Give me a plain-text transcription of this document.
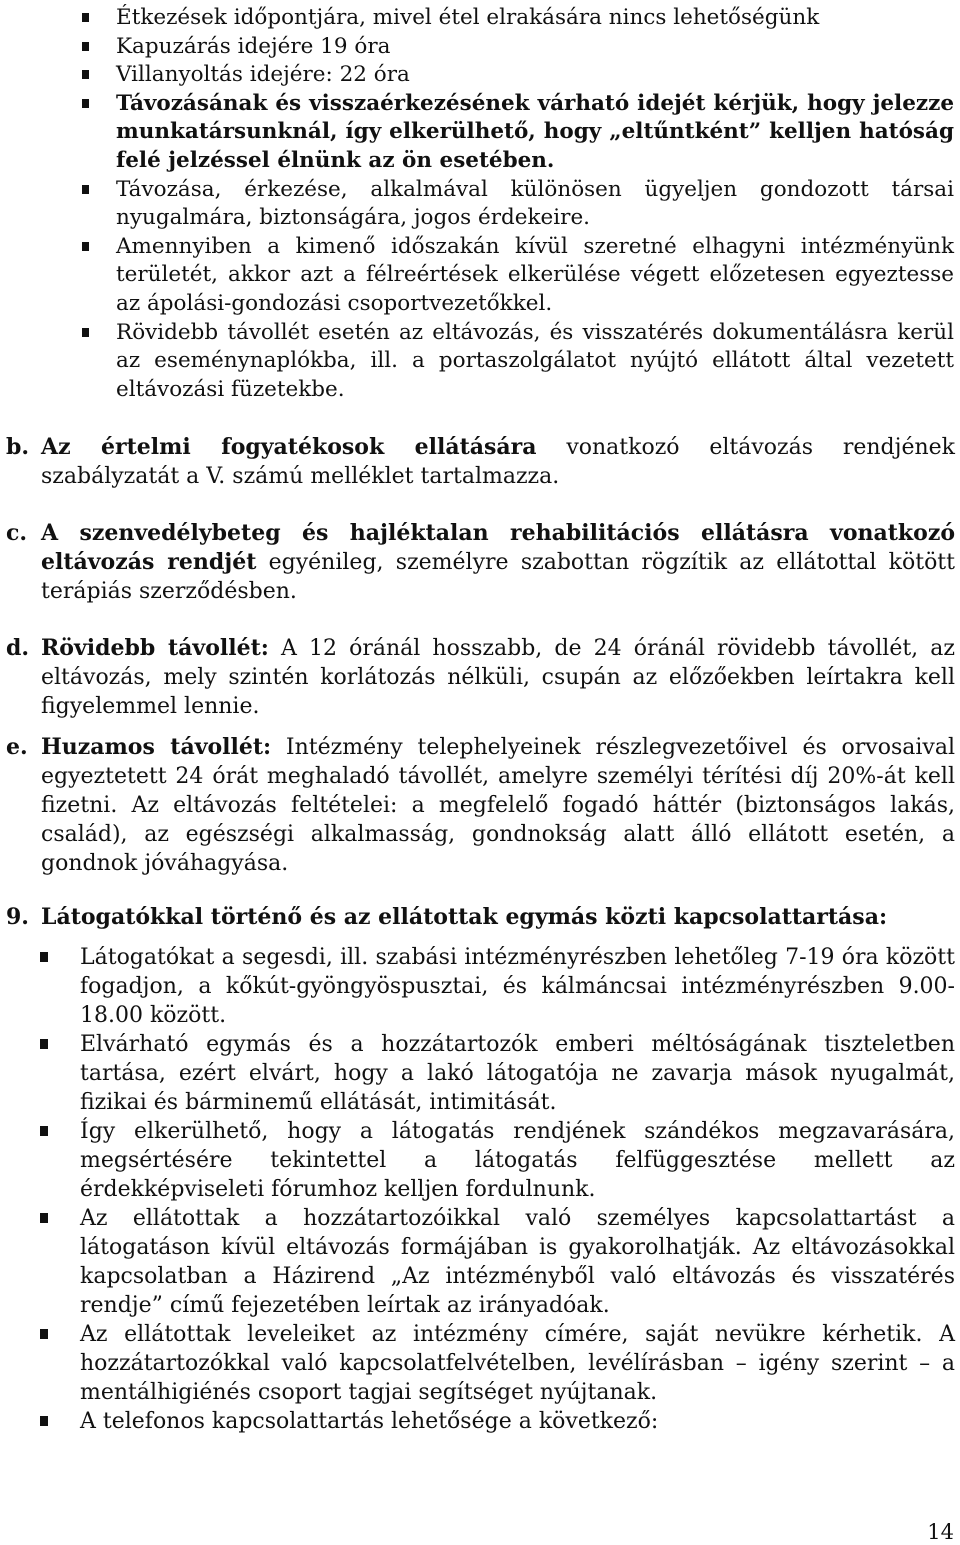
Étkezések időpontjára, mivel étel elrakására nincs lehetőségünk
Kapuzárás idejére 19 óra
Villanyoltás idejére: 22 óra
Távozásának és visszaérkezésének várható idejét kérjük, hogy jelezze munkatársunknál, így elkerülhető, hogy „eltűntként” kelljen hatóság felé jelzéssel élnünk az ön esetében.
Távozása, érkezése, alkalmával különösen ügyeljen gondozott társai nyugalmára, biztonságára, jogos érdekeire.
Amennyiben a kimenő időszakán kívül szeretné elhagyni intézményünk területét, akkor azt a félreértések elkerülése végett előzetesen egyeztesse az ápolási-gondozási csoportvezetőkkel.
Rövidebb távollét esetén az eltávozás, és visszatérés dokumentálásra kerül az eseménynaplókba, ill. a portaszolgálatot nyújtó ellátott által vezetett eltávozási füzetekbe.
b. Az értelmi fogyatékosok ellátására vonatkozó eltávozás rendjének szabályzatát a V. számú melléklet tartalmazza.
c. A szenvedélybeteg és hajléktalan rehabilitációs ellátásra vonatkozó eltávozás rendjét egyénileg, személyre szabottan rögzítik az ellátottal kötött terápiás szerződésben.
d. Rövidebb távollét: A 12 óránál hosszabb, de 24 óránál rövidebb távollét, az eltávozás, mely szintén korlátozás nélküli, csupán az előzőekben leírtakra kell figyelemmel lennie.
e. Huzamos távollét: Intézmény telephelyeinek részlegvezetőivel és orvosaival egyeztetett 24 órát meghaladó távollét, amelyre személyi térítési díj 20%-át kell fizetni. Az eltávozás feltételei: a megfelelő fogadó háttér (biztonságos lakás, család), az egészségi alkalmasság, gondnokság alatt álló ellátott esetén, a gondnok jóváhagyása.
9. Látogatókkal történő és az ellátottak egymás közti kapcsolattartása:
Látogatókat a segesdi, ill. szabási intézményrészben lehetőleg 7-19 óra között fogadjon, a kőkút-gyöngyöspusztai, és kálmáncsai intézményrészben 9.00-18.00 között.
Elvárható egymás és a hozzátartozók emberi méltóságának tiszteletben tartása, ezért elvárt, hogy a lakó látogatója ne zavarja mások nyugalmát, fizikai és bárminemű ellátását, intimitását.
Így elkerülhető, hogy a látogatás rendjének szándékos megzavarására, megsértésére tekintettel a látogatás felfüggesztése mellett az érdekképviseleti fórumhoz kelljen fordulnunk.
Az ellátottak a hozzátartozóikkal való személyes kapcsolattartást a látogatáson kívül eltávozás formájában is gyakorolhatják. Az eltávozásokkal kapcsolatban a Házirend „Az intézményből való eltávozás és visszatérés rendje” című fejezetében leírtak az irányadóak.
Az ellátottak leveleiket az intézmény címére, saját nevükre kérhetik. A hozzátartozókkal való kapcsolatfelvételben, levélírásban – igény szerint – a mentálhigiénés csoport tagjai segítséget nyújtanak.
A telefonos kapcsolattartás lehetősége a következő:
14
